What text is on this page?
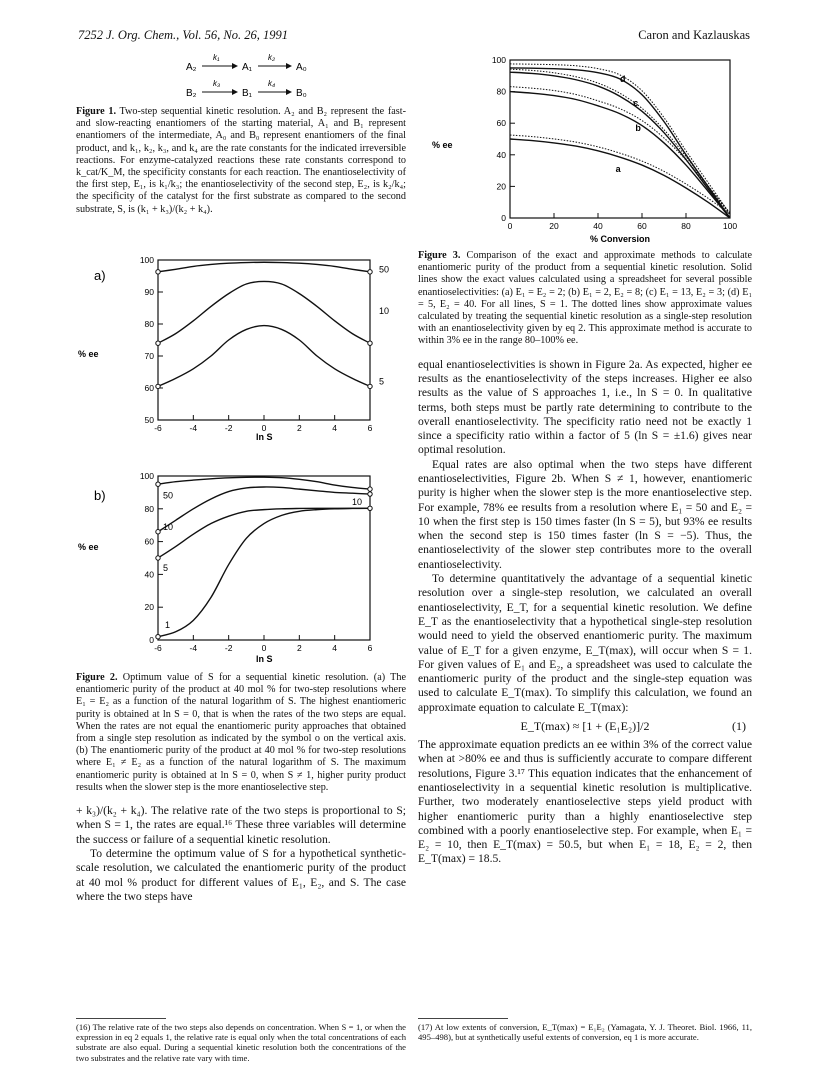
7252 J. Org. Chem., Vol. 56, No. 26, 1991	Caron and Kazlauskas
A₂
k₁
A₁
k₂
A₀
B₂
k₃
B₁
k₄
B₀

Figure 1. Two-step sequential kinetic resolution. A₂ and B₂ represent the fast- and slow-reacting enantiomers of the starting material, A₁ and B₁ represent enantiomers of the intermediate, A₀ and B₀ represent enantiomers of the final product, and k₁, k₂, k₃, and k₄ are the rate constants for the indicated irreversible reactions. For enzyme-catalyzed reactions these rate constants correspond to k_cat/K_M, the specificity constants for each reaction. The enantioselectivity of the first step, E₁, is k₁/k₃; the enantioselectivity of the second step, E₂, is k₂/k₄; the specificity of the catalyst for the first substrate as compared to the second substrate, S, is (k₁ + k₃)/(k₂ + k₄).

a)
% ee
ln S
-6	-4	-2	0	2	4	6
50
60
70
80
90
100
50
10
5
b)
% ee
ln S
-6	-4	-2	0	2	4	6
0
20
40
60
80
100
50
10
5
1
10

Figure 2. Optimum value of S for a sequential kinetic resolution. (a) The enantiomeric purity of the product at 40 mol % for two-step resolutions where E₁ = E₂ as a function of the natural logarithm of S. The highest enantiomeric purity is obtained at ln S = 0, that is when the rates of the two steps are equal. When the rates are not equal the enantiomeric purity approaches that obtained from a single step resolution as indicated by the symbol o on the vertical axis. (b) The enantiomeric purity of the product at 40 mol % for two-step resolutions where E₁ ≠ E₂ as a function of the natural logarithm of S. The maximum enantiomeric purity is obtained at ln S = 0, when S ≠ 1, higher purity product results when the slower step is the more enantioselective step.

+ k₃)/(k₂ + k₄). The relative rate of the two steps is proportional to S; when S = 1, the rates are equal.¹⁶ These three variables will determine the success or failure of a sequential kinetic resolution.

To determine the optimum value of S for a hypothetical synthetic-scale resolution, we calculated the enantiomeric purity of the product at 40 mol % product for different values of E₁, E₂, and S. The case where the two steps have

(16) The relative rate of the two steps also depends on concentration. When S = 1, or when the expression in eq 2 equals 1, the relative rate is equal only when the total concentrations of each substrate are also equal. During a sequential kinetic resolution both the concentrations of the two substrates and the relative rate vary with time.

% ee
% Conversion
0	20	40	60	80	100
0
20
40
60
80
100
a
b
c
d

Figure 3. Comparison of the exact and approximate methods to calculate enantiomeric purity of the product from a sequential kinetic resolution. Solid lines show the exact values calculated using a spreadsheet for several possible enantioselectivities: (a) E₁ = E₂ = 2; (b) E₁ = 2, E₂ = 8; (c) E₁ = 13, E₂ = 3; (d) E₁ = 5, E₂ = 40. For all lines, S = 1. The dotted lines show approximate values calculated by treating the sequential kinetic resolution as a single-step resolution with an enantioselectivity given by eq 2. This approximate method is accurate to within 3% ee in the range 80–100% ee.

equal enantioselectivities is shown in Figure 2a. As expected, higher ee results as the enantioselectivity of the steps increases. Higher ee also results as the value of S approaches 1, i.e., ln S = 0. In qualitative terms, both steps must be partly rate determining to contribute to the overall enantioselectivity. The specificity ratio need not be exactly 1 since a specificity ratio within a factor of 5 (ln S = ±1.6) gives near optimal resolution.

Equal rates are also optimal when the two steps have different enantioselectivities, Figure 2b. When S ≠ 1, however, enantiomeric purity is higher when the slower step is the more enantioselective step. For example, 78% ee results from a resolution where E₁ = 50 and E₂ = 10 when the first step is 150 times faster (ln S = 5), but 93% ee results when the second step is 150 times faster (ln S = −5). Thus, the enantioselectivity of the slower step contributes more to the overall enantioselectivity.

To determine quantitatively the advantage of a sequential kinetic resolution over a single-step resolution, we calculated an overall enantioselectivity, E_T, for a sequential kinetic resolution. We define E_T as the enantioselectivity that a hypothetical single-step resolution would need to yield the observed enantiomeric purity. The maximum value of E_T for a given enzyme, E_T(max), will occur when S = 1. For given values of E₁ and E₂, a spreadsheet was used to calculate the enantiomeric purity of the product and the single-step equation was used to calculate E_T(max). To simplify this calculation, we found an approximate equation to calculate E_T(max):

E_T(max) ≈ [1 + (E₁E₂)]/2	(1)

The approximate equation predicts an ee within 3% of the correct value when at >80% ee and thus is sufficiently accurate to compare different resolutions, Figure 3.¹⁷ This equation indicates that the enhancement of enantioselectivity in a sequential kinetic resolution is multiplicative. Further, two moderately enantioselective steps yield product with higher enantiomeric purity than a highly enantioselective step combined with a poorly enantioselective step. For example, when E₁ = E₂ = 10, then E_T(max) = 50.5, but when E₁ = 18, E₂ = 2, then E_T(max) = 18.5.

(17) At low extents of conversion, E_T(max) = E₁E₂ (Yamagata, Y. J. Theoret. Biol. 1966, 11, 495–498), but at synthetically useful extents of conversion, eq 1 is more accurate.
